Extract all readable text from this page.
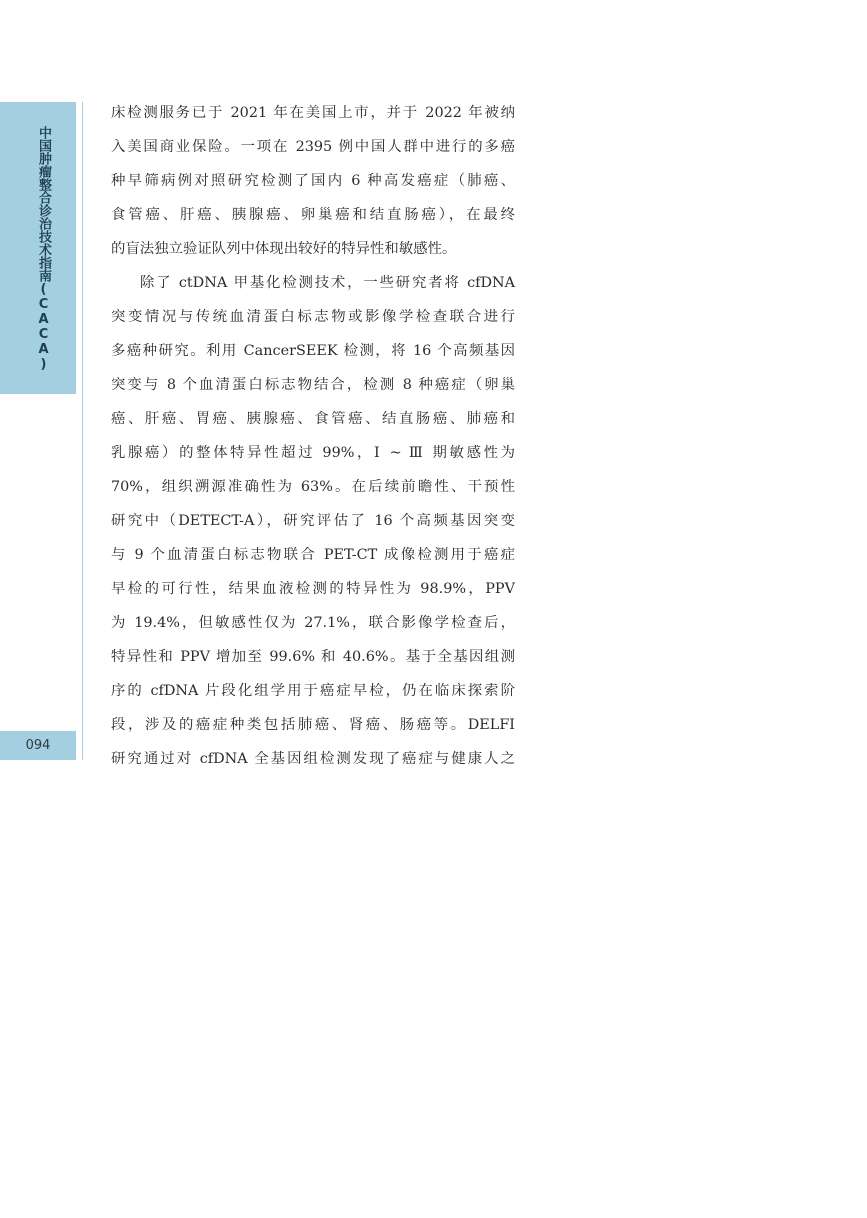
中国肿瘤整合诊治技术指南(CACA)
094
床检测服务已于 2021 年在美国上市，并于 2022 年被纳
入美国商业保险。一项在 2395 例中国人群中进行的多癌
种早筛病例对照研究检测了国内 6 种高发癌症（肺癌、
食管癌、肝癌、胰腺癌、卵巢癌和结直肠癌），在最终
的盲法独立验证队列中体现出较好的特异性和敏感性。
除了 ctDNA 甲基化检测技术，一些研究者将 cfDNA
突变情况与传统血清蛋白标志物或影像学检查联合进行
多癌种研究。利用 CancerSEEK 检测，将 16 个高频基因
突变与 8 个血清蛋白标志物结合，检测 8 种癌症（卵巢
癌、肝癌、胃癌、胰腺癌、食管癌、结直肠癌、肺癌和
乳腺癌）的整体特异性超过 99%，Ⅰ ~ Ⅲ 期敏感性为
70%，组织溯源准确性为 63%。在后续前瞻性、干预性
研究中（DETECT-A），研究评估了 16 个高频基因突变
与 9 个血清蛋白标志物联合 PET-CT 成像检测用于癌症
早检的可行性，结果血液检测的特异性为 98.9%，PPV
为 19.4%，但敏感性仅为 27.1%，联合影像学检查后，
特异性和 PPV 增加至 99.6% 和 40.6%。基于全基因组测
序的 cfDNA 片段化组学用于癌症早检，仍在临床探索阶
段，涉及的癌症种类包括肺癌、肾癌、肠癌等。DELFI
研究通过对 cfDNA 全基因组检测发现了癌症与健康人之
